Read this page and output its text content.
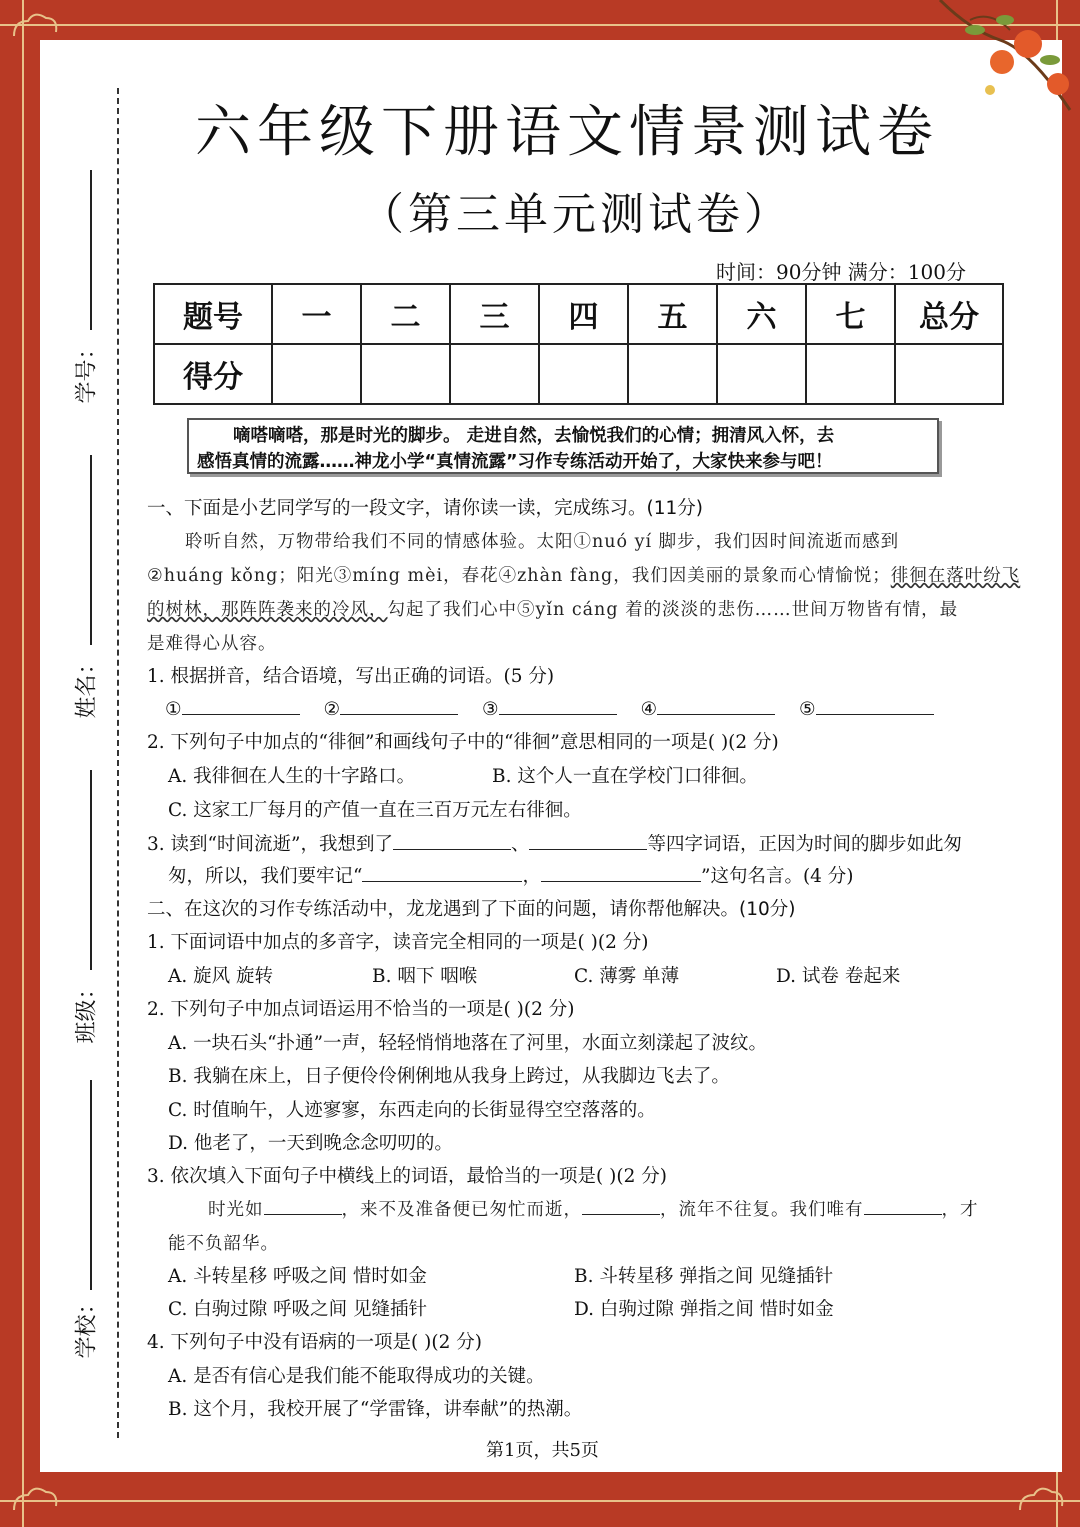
学号：
姓名：
班级：
学校：
六年级下册语文情景测试卷
（第三单元测试卷）
时间：90分钟 满分：100分
题号	一	二	三	四	五	六	七	总分
得分								
嘀嗒嘀嗒，那是时光的脚步。 走进自然，去愉悦我们的心情；拥清风入怀，去
感悟真情的流露……神龙小学“真情流露”习作专练活动开始了，大家快来参与吧！
一、下面是小艺同学写的一段文字，请你读一读，完成练习。(11分)
聆听自然，万物带给我们不同的情感体验。太阳①nuó yí 脚步，我们因时间流逝而感到
②huáng kǒng；阳光③míng mèi，春花④zhàn fàng，我们因美丽的景象而心情愉悦；徘徊在落叶纷飞
的树林，那阵阵袭来的冷风，勾起了我们心中⑤yǐn cáng 着的淡淡的悲伤……世间万物皆有情，最
是难得心从容。
1. 根据拼音，结合语境，写出正确的词语。(5 分)
①	②	③	④	⑤
2. 下列句子中加点的“徘徊”和画线句子中的“徘徊”意思相同的一项是( )(2 分)
A. 我徘徊在人生的十字路口。	B. 这个人一直在学校门口徘徊。
C. 这家工厂每月的产值一直在三百万元左右徘徊。
3. 读到“时间流逝”，我想到了	、	等四字词语，正因为时间的脚步如此匆
匆，所以，我们要牢记“	，	”这句名言。(4 分)
二、在这次的习作专练活动中，龙龙遇到了下面的问题，请你帮他解决。(10分)
1. 下面词语中加点的多音字，读音完全相同的一项是( )(2 分)
A. 旋风 旋转	B. 咽下 咽喉	C. 薄雾 单薄	D. 试卷 卷起来
2. 下列句子中加点词语运用不恰当的一项是( )(2 分)
A. 一块石头“扑通”一声，轻轻悄悄地落在了河里，水面立刻漾起了波纹。
B. 我躺在床上，日子便伶伶俐俐地从我身上跨过，从我脚边飞去了。
C. 时值晌午，人迹寥寥，东西走向的长街显得空空落落的。
D. 他老了，一天到晚念念叨叨的。
3. 依次填入下面句子中横线上的词语，最恰当的一项是( )(2 分)
时光如	，来不及准备便已匆忙而逝，	，流年不往复。我们唯有	，才
能不负韶华。
A. 斗转星移 呼吸之间 惜时如金	B. 斗转星移 弹指之间 见缝插针
C. 白驹过隙 呼吸之间 见缝插针	D. 白驹过隙 弹指之间 惜时如金
4. 下列句子中没有语病的一项是( )(2 分)
A. 是否有信心是我们能不能取得成功的关键。
B. 这个月，我校开展了“学雷锋，讲奉献”的热潮。
第1页，共5页
